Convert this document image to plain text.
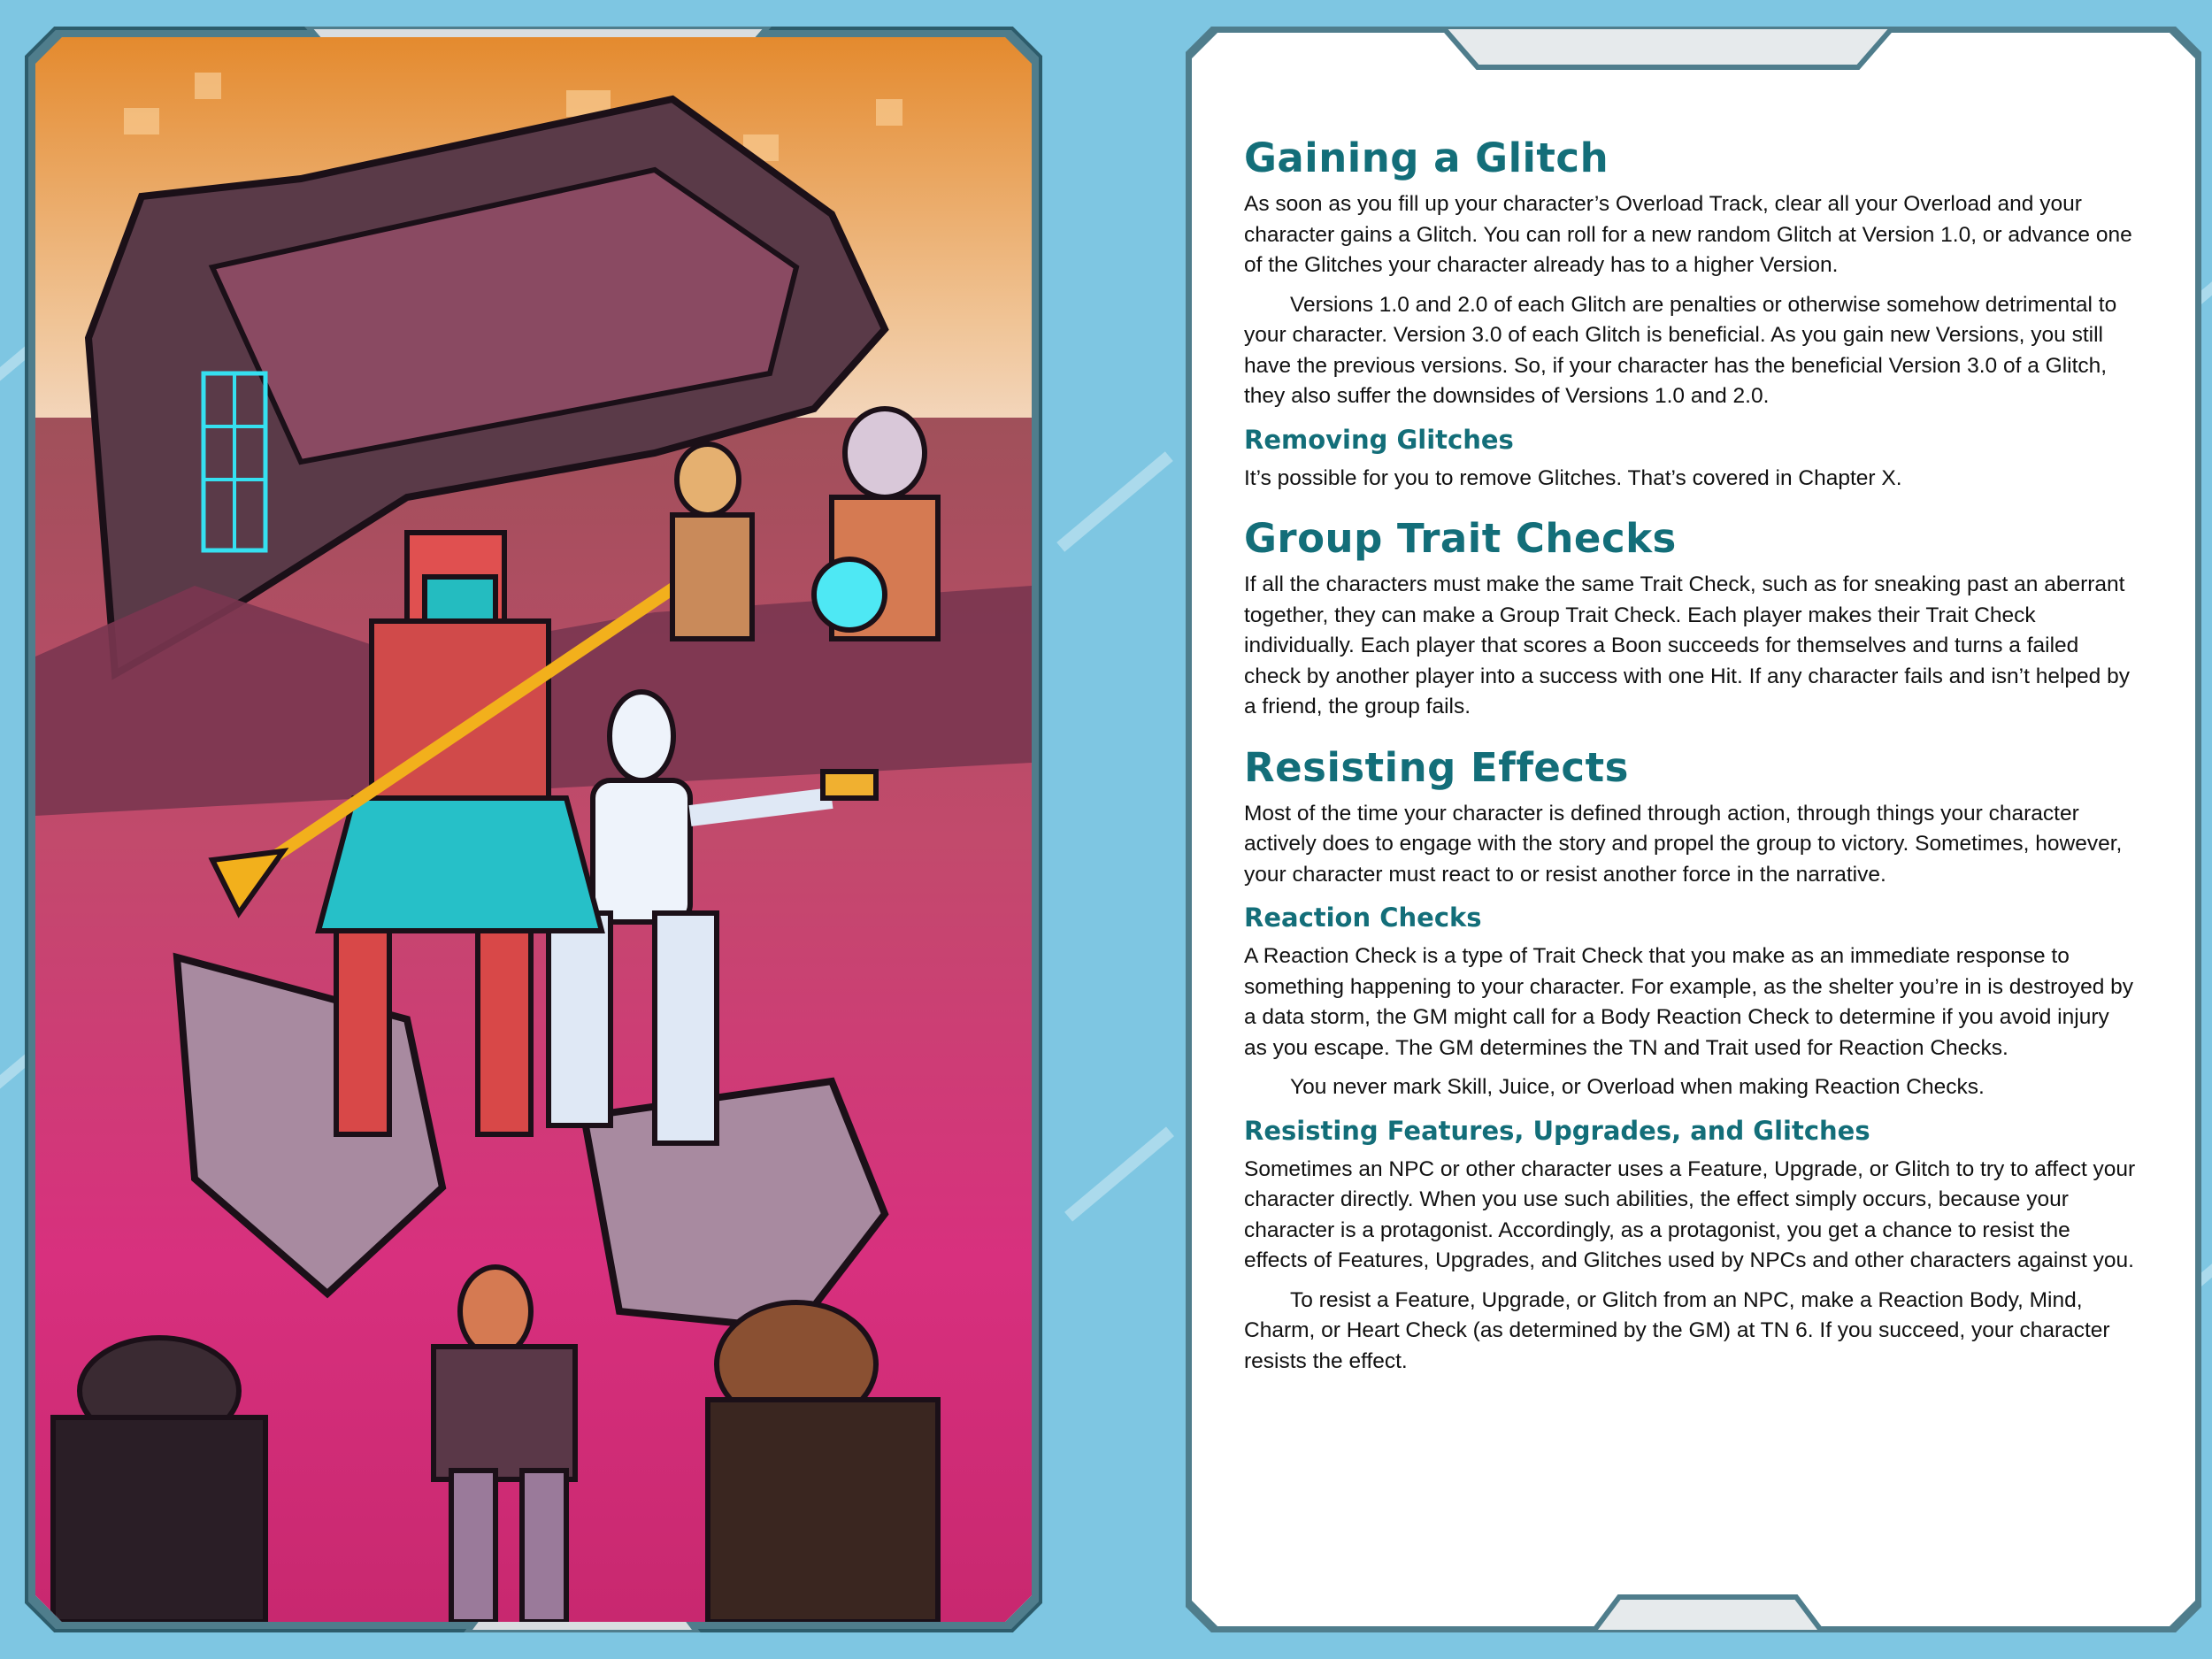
Gaining a Glitch

As soon as you fill up your character’s Overload Track, clear all your Overload and your character gains a Glitch. You can roll for a new random Glitch at Version 1.0, or advance one of the Glitches your character already has to a higher Version.

Versions 1.0 and 2.0 of each Glitch are penalties or otherwise somehow detrimental to your character. Version 3.0 of each Glitch is beneficial. As you gain new Versions, you still have the previous versions. So, if your character has the beneficial Version 3.0 of a Glitch, they also suffer the downsides of Versions 1.0 and 2.0.

Removing Glitches

It’s possible for you to remove Glitches. That’s covered in Chapter X.

Group Trait Checks

If all the characters must make the same Trait Check, such as for sneaking past an aberrant together, they can make a Group Trait Check. Each player makes their Trait Check individually. Each player that scores a Boon succeeds for themselves and turns a failed check by another player into a success with one Hit. If any character fails and isn’t helped by a friend, the group fails.

Resisting Effects

Most of the time your character is defined through action, through things your character actively does to engage with the story and propel the group to victory. Sometimes, however, your character must react to or resist another force in the narrative.

Reaction Checks

A Reaction Check is a type of Trait Check that you make as an immediate response to something happening to your character. For example, as the shelter you’re in is destroyed by a data storm, the GM might call for a Body Reaction Check to determine if you avoid injury as you escape. The GM determines the TN and Trait used for Reaction Checks.

You never mark Skill, Juice, or Overload when making Reaction Checks.

Resisting Features, Upgrades, and Glitches

Sometimes an NPC or other character uses a Feature, Upgrade, or Glitch to try to affect your character directly. When you use such abilities, the effect simply occurs, because your character is a protagonist. Accordingly, as a protagonist, you get a chance to resist the effects of Features, Upgrades, and Glitches used by NPCs and other characters against you.

To resist a Feature, Upgrade, or Glitch from an NPC, make a Reaction Body, Mind, Charm, or Heart Check (as determined by the GM) at TN 6. If you succeed, your character resists the effect.
